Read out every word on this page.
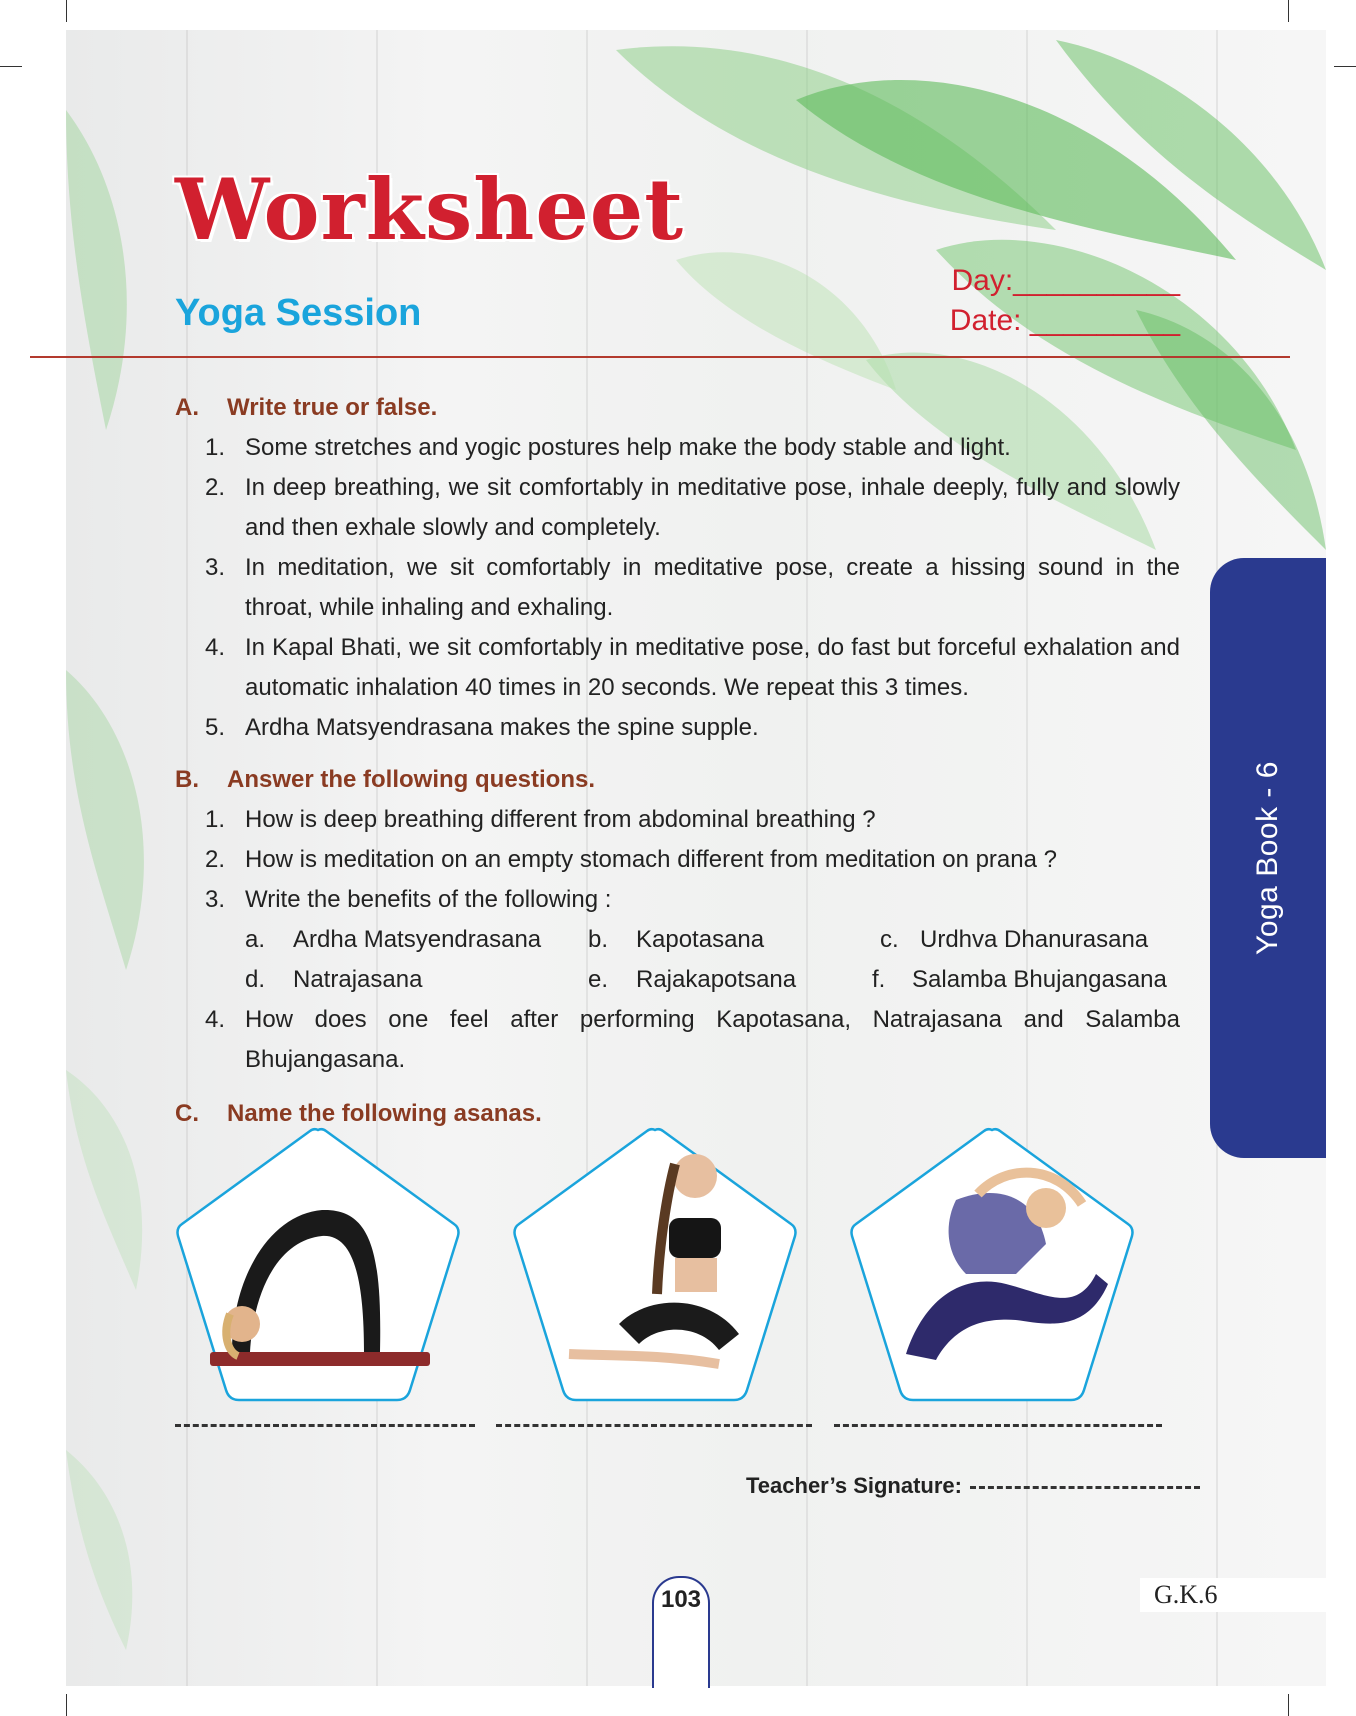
Yoga Book - 6
Worksheet
Yoga Session
Day:__________
Date: _________
A. Write true or false.
1. Some stretches and yogic postures help make the body stable and light.
2. In deep breathing, we sit comfortably in meditative pose, inhale deeply, fully and slowly and then exhale slowly and completely.
3. In meditation, we sit comfortably in meditative pose, create a hissing sound in the throat, while inhaling and exhaling.
4. In Kapal Bhati, we sit comfortably in meditative pose, do fast but forceful exhalation and automatic inhalation 40 times in 20 seconds. We repeat this 3 times.
5. Ardha Matsyendrasana makes the spine supple.
B. Answer the following questions.
1. How is deep breathing different from abdominal breathing ?
2. How is meditation on an empty stomach different from meditation on prana ?
3. Write the benefits of the following :
a. Ardha Matsyendrasana b. Kapotasana	c. Urdhva Dhanurasana
d. Natrajasana	e. Rajakapotsana	f. Salamba Bhujangasana
4. How does one feel after performing Kapotasana, Natrajasana and Salamba Bhujangasana.
C. Name the following asanas.
Teacher’s Signature:
103	G.K.6
